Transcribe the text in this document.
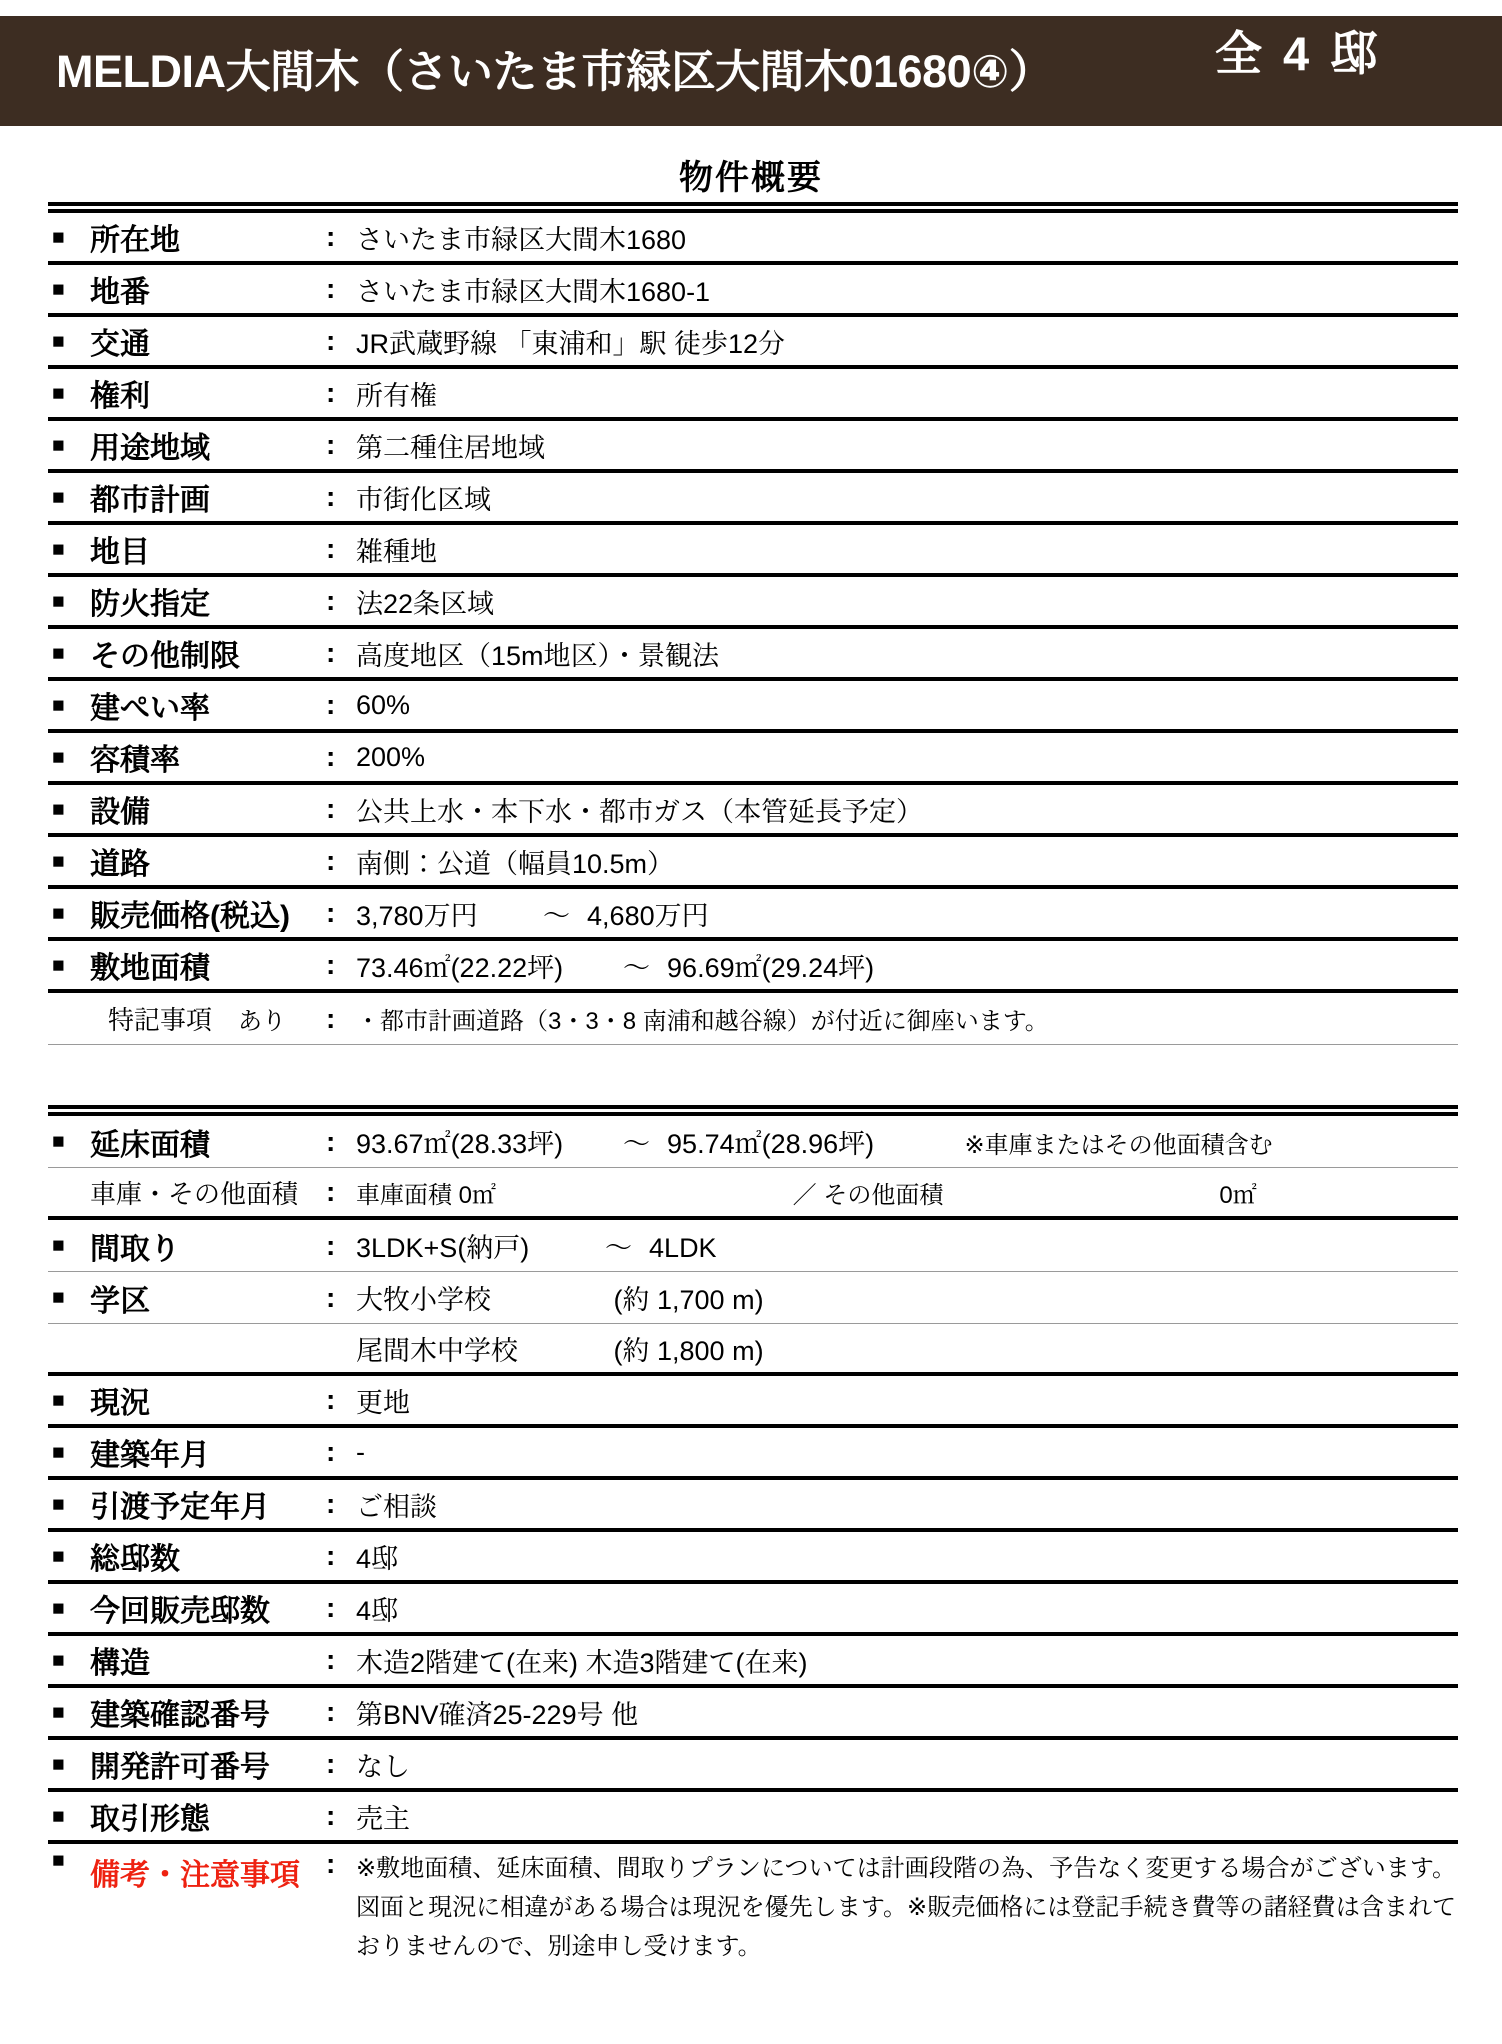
MELDIA大間木（さいたま市緑区大間木01680④）	全 4 邸
物件概要
■ 所在地	: さいたま市緑区大間木1680
■ 地番	: さいたま市緑区大間木1680-1
■ 交通	: JR武蔵野線 「東浦和」駅 徒歩12分
■ 権利	: 所有権
■ 用途地域	: 第二種住居地域
■ 都市計画	: 市街化区域
■ 地目	: 雑種地
■ 防火指定	: 法22条区域
■ その他制限	: 高度地区（15m地区）・景観法
■ 建ぺい率	: 60%
■ 容積率	: 200%
■ 設備	: 公共上水・本下水・都市ガス（本管延長予定）
■ 道路	: 南側：公道（幅員10.5m）
■ 販売価格(税込)	: 3,780万円 ～ 4,680万円
■ 敷地面積	: 73.46㎡(22.22坪) ～ 96.69㎡(29.24坪)
特記事項	あり	: ・都市計画道路（3・3・8 南浦和越谷線）が付近に御座います。
■ 延床面積	: 93.67㎡(28.33坪) ～ 95.74㎡(28.96坪)	※車庫またはその他面積含む
車庫・その他面積 : 車庫面積 0㎡	／ その他面積	0㎡
■ 間取り	: 3LDK+S(納戸)	～ 4LDK
■ 学区	: 大牧小学校	(約 1,700 m)
尾間木中学校	(約 1,800 m)
■ 現況	: 更地
■ 建築年月	: -
■ 引渡予定年月	: ご相談
■ 総邸数	: 4邸
■ 今回販売邸数	: 4邸
■ 構造	: 木造2階建て(在来) 木造3階建て(在来)
■ 建築確認番号	: 第BNV確済25-229号 他
■ 開発許可番号	: なし
■ 取引形態	: 売主
■ 備考・注意事項 : ※敷地面積、延床面積、間取りプランについては計画段階の為、予告なく変更する場合がございます。図面と現況に相違がある場合は現況を優先します。※販売価格には登記手続き費等の諸経費は含まれておりませんので、別途申し受けます。
